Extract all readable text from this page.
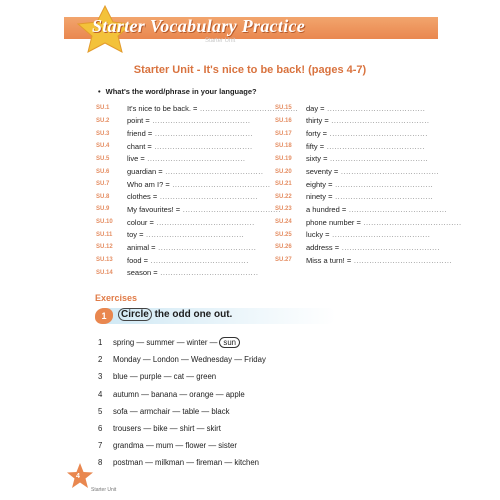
Starter Vocabulary Practice
Starter Unit
Starter Unit - It's nice to be back! (pages 4-7)
• What's the word/phrase in your language?
SU.1	It's nice to be back. = .....
SU.2	point = .....
SU.3	friend = .....
SU.4	chant = .....
SU.5	live = .....
SU.6	guardian = .....
SU.7	Who am I? = .....
SU.8	clothes = .....
SU.9	My favourites! = .....
SU.10	colour = .....
SU.11	toy = .....
SU.12	animal = .....
SU.13	food = .....
SU.14	season = .....
SU.15	day = .....
SU.16	thirty = .....
SU.17	forty = .....
SU.18	fifty = .....
SU.19	sixty = .....
SU.20	seventy = .....
SU.21	eighty = .....
SU.22	ninety = .....
SU.23	a hundred = .....
SU.24	phone number = .....
SU.25	lucky = .....
SU.26	address = .....
SU.27	Miss a turn! = .....
Exercises
1	Circle the odd one out.
1	spring — summer — winter — sun
2	Monday — London — Wednesday — Friday
3	blue — purple — cat — green
4	autumn — banana — orange — apple
5	sofa — armchair — table — black
6	trousers — bike — shirt — skirt
7	grandma — mum — flower — sister
8	postman — milkman — fireman — kitchen
4
Starter Unit
